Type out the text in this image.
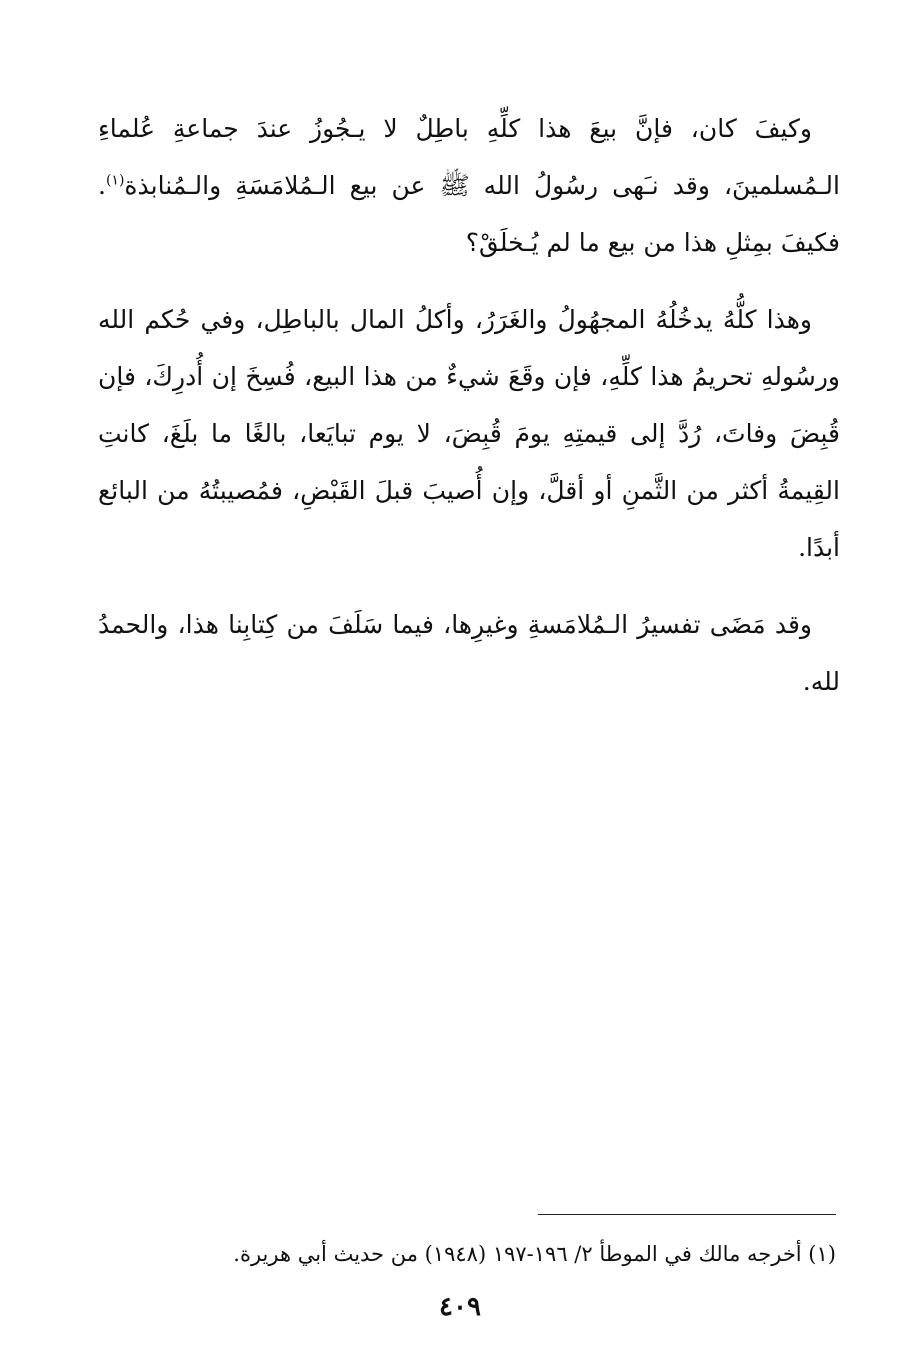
وكيفَ كان، فإنَّ بيعَ هذا كلِّهِ باطِلٌ لا يـجُوزُ عندَ جماعةِ عُلماءِ الـمُسلمينَ، وقد نـَهى رسُولُ الله ﷺ عن بيع الـمُلامَسَةِ والـمُنابذة$^{(١)}$. فكيفَ بمِثلِ هذا من بيع ما لم يُـخلَقْ؟

وهذا كلُّهُ يدخُلُهُ المجهُولُ والغَرَرُ، وأكلُ المال بالباطِل، وفي حُكم الله ورسُولهِ تحريمُ هذا كلِّهِ، فإن وقَعَ شيءٌ من هذا البيع، فُسِخَ إن أُدرِكَ، فإن قُبِضَ وفاتَ، رُدَّ إلى قيمتِهِ يومَ قُبِضَ، لا يوم تبايَعا، بالغًا ما بلَغَ، كانتِ القِيمةُ أكثر من الثَّمنِ أو أقلَّ، وإن أُصيبَ قبلَ القَبْضِ، فمُصيبتُهُ من البائع أبدًا.

وقد مَضَى تفسيرُ الـمُلامَسةِ وغيرِها، فيما سَلَفَ من كِتابِنا هذا، والحمدُ لله.

(١) أخرجه مالك في الموطأ ٢/ ١٩٦-١٩٧ (١٩٤٨) من حديث أبي هريرة.
٤٠٩
